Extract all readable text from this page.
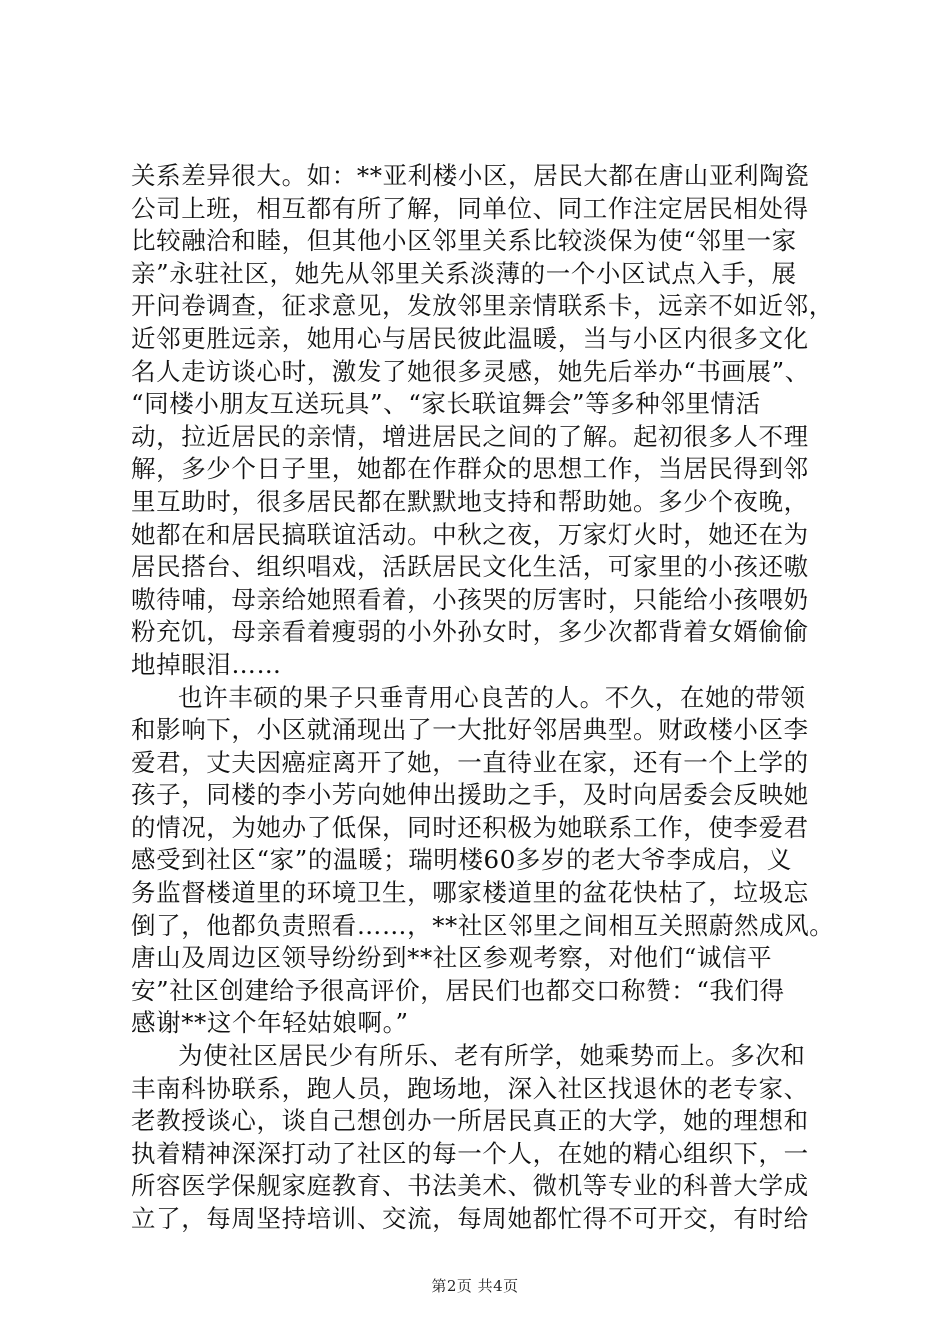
关系差异很大。如：**亚利楼小区，居民大都在唐山亚利陶瓷
公司上班，相互都有所了解，同单位、同工作注定居民相处得
比较融洽和睦，但其他小区邻里关系比较淡保为使“邻里一家
亲”永驻社区，她先从邻里关系淡薄的一个小区试点入手，展
开问卷调查，征求意见，发放邻里亲情联系卡，远亲不如近邻，
近邻更胜远亲，她用心与居民彼此温暖，当与小区内很多文化
名人走访谈心时，激发了她很多灵感，她先后举办“书画展”、
“同楼小朋友互送玩具”、“家长联谊舞会”等多种邻里情活
动，拉近居民的亲情，增进居民之间的了解。起初很多人不理
解，多少个日子里，她都在作群众的思想工作，当居民得到邻
里互助时，很多居民都在默默地支持和帮助她。多少个夜晚，
她都在和居民搞联谊活动。中秋之夜，万家灯火时，她还在为
居民搭台、组织唱戏，活跃居民文化生活，可家里的小孩还嗷
嗷待哺，母亲给她照看着，小孩哭的厉害时，只能给小孩喂奶
粉充饥，母亲看着瘦弱的小外孙女时，多少次都背着女婿偷偷
地掉眼泪……
也许丰硕的果子只垂青用心良苦的人。不久，在她的带领
和影响下，小区就涌现出了一大批好邻居典型。财政楼小区李
爱君，丈夫因癌症离开了她，一直待业在家，还有一个上学的
孩子，同楼的李小芳向她伸出援助之手，及时向居委会反映她
的情况，为她办了低保，同时还积极为她联系工作，使李爱君
感受到社区“家”的温暖；瑞明楼60多岁的老大爷李成启，义
务监督楼道里的环境卫生，哪家楼道里的盆花快枯了，垃圾忘
倒了，他都负责照看……，**社区邻里之间相互关照蔚然成风。
唐山及周边区领导纷纷到**社区参观考察，对他们“诚信平
安”社区创建给予很高评价，居民们也都交口称赞：“我们得
感谢**这个年轻姑娘啊。”
为使社区居民少有所乐、老有所学，她乘势而上。多次和
丰南科协联系，跑人员，跑场地，深入社区找退休的老专家、
老教授谈心，谈自己想创办一所居民真正的大学，她的理想和
执着精神深深打动了社区的每一个人，在她的精心组织下，一
所容医学保舰家庭教育、书法美术、微机等专业的科普大学成
立了，每周坚持培训、交流，每周她都忙得不可开交，有时给
第2页 共4页
